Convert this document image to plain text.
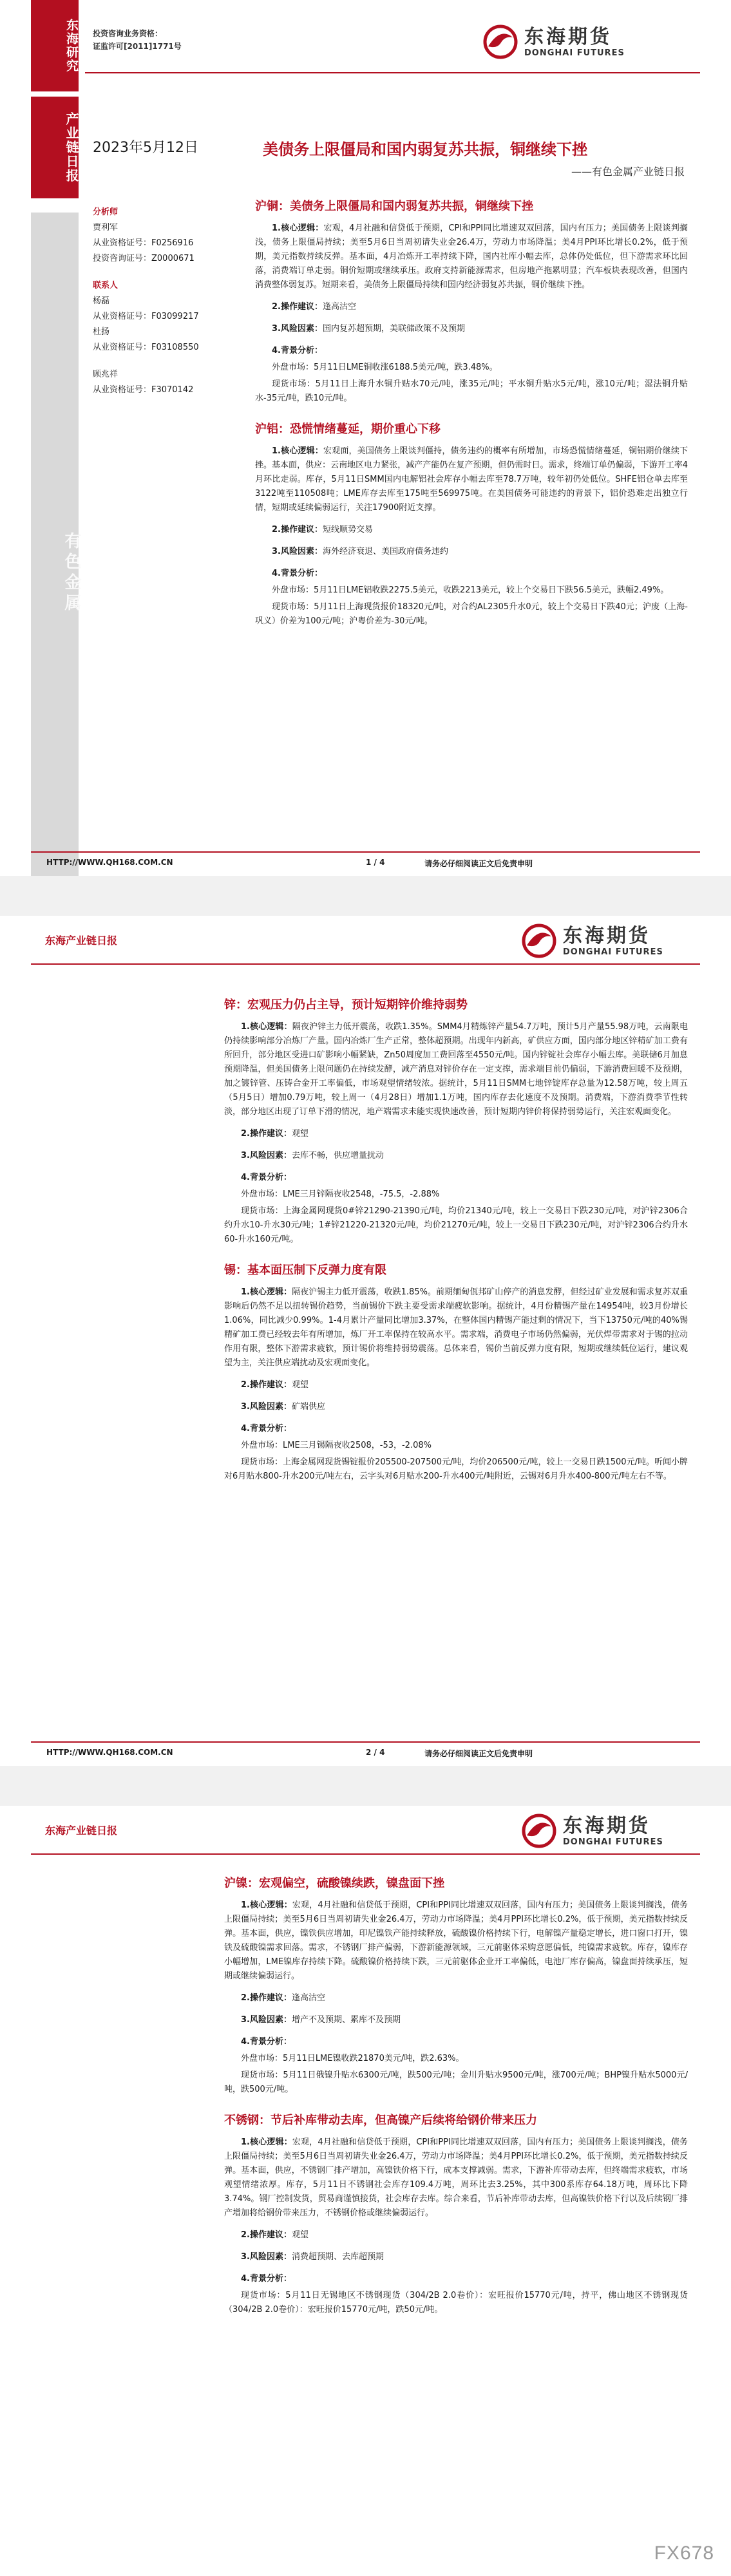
东海研究
产业链日报
有色金属
投资咨询业务资格：
证监许可[2011]1771号	东海期货
DONGHAI FUTURES
2023年5月12日	美债务上限僵局和国内弱复苏共振，铜继续下挫
——有色金属产业链日报
分析师
贾利军
从业资格证号：F0256916
投资咨询证号：Z0000671
联系人
杨磊
从业资格证号：F03099217
杜扬
从业资格证号：F03108550
顾兆祥
从业资格证号：F3070142
沪铜：美债务上限僵局和国内弱复苏共振，铜继续下挫
1.核心逻辑：宏观，4月社融和信贷低于预期，CPI和PPI同比增速双双回落，国内有压力；美国债务上限谈判搁浅，债务上限僵局持续；美至5月6日当周初请失业金26.4万，劳动力市场降温；美4月PPI环比增长0.2%，低于预期，美元指数持续反弹。基本面，4月冶炼开工率持续下降，国内社库小幅去库，总体仍处低位，但下游需求环比回落，消费端订单走弱。铜价短期或继续承压。政府支持新能源需求，但房地产拖累明显；汽车板块表现改善，但国内消费整体弱复苏。短期来看，美债务上限僵局持续和国内经济弱复苏共振，铜价继续下挫。
2.操作建议：逢高沽空
3.风险因素：国内复苏超预期，美联储政策不及预期
4.背景分析：
外盘市场：5月11日LME铜收涨6188.5美元/吨，跌3.48%。
现货市场：5月11日上海升水铜升贴水70元/吨，涨35元/吨；平水铜升贴水5元/吨，涨10元/吨；湿法铜升贴水-35元/吨，跌10元/吨。
沪铝：恐慌情绪蔓延，期价重心下移
1.核心逻辑：宏观面，美国债务上限谈判僵持，债务违约的概率有所增加，市场恐慌情绪蔓延，铜铝期价继续下挫。基本面，供应：云南地区电力紧张，减产产能仍在复产预期，但仍需时日。需求，终端订单仍偏弱，下游开工率4月环比走弱。库存，5月11日SMM国内电解铝社会库存小幅去库至78.7万吨，较年初仍处低位。SHFE铝仓单去库至3122吨至110508吨；LME库存去库至175吨至569975吨。在美国债务可能违约的背景下，铝价恐难走出独立行情，短期或延续偏弱运行，关注17900附近支撑。
2.操作建议：短线顺势交易
3.风险因素：海外经济衰退、美国政府债务违约
4.背景分析：
外盘市场：5月11日LME铝收跌2275.5美元，收跌2213美元，较上个交易日下跌56.5美元，跌幅2.49%。
现货市场：5月11日上海现货报价18320元/吨，对合约AL2305升水0元，较上个交易日下跌40元；沪废（上海-巩义）价差为100元/吨；沪粤价差为-30元/吨。
HTTP://WWW.QH168.COM.CN	1 / 4	请务必仔细阅读正文后免责申明
东海产业链日报	东海期货
DONGHAI FUTURES
锌：宏观压力仍占主导，预计短期锌价维持弱势
1.核心逻辑：隔夜沪锌主力低开震荡，收跌1.35%。SMM4月精炼锌产量54.7万吨，预计5月产量55.98万吨，云南限电仍持续影响部分冶炼厂产量。国内冶炼厂生产正常，整体超预期。出现年内新高，矿供应方面，国内部分地区锌精矿加工费有所回升，部分地区受进口矿影响小幅紧缺，Zn50周度加工费回落至4550元/吨。国内锌锭社会库存小幅去库。美联储6月加息预期降温，但美国债务上限问题仍在持续发酵，减产消息对锌价存在一定支撑，需求端目前仍偏弱，下游消费回暖不及预期，加之镀锌管、压铸合金开工率偏低，市场观望情绪较浓。据统计，5月11日SMM七地锌锭库存总量为12.58万吨，较上周五（5月5日）增加0.79万吨，较上周一（4月28日）增加1.1万吨，国内库存去化速度不及预期。消费端，下游消费季节性转淡，部分地区出现了订单下滑的情况，地产端需求未能实现快速改善，预计短期内锌价将保持弱势运行，关注宏观面变化。
2.操作建议：观望
3.风险因素：去库不畅，供应增量扰动
4.背景分析：
外盘市场：LME三月锌隔夜收2548，-75.5，-2.88%
现货市场：上海金属网现货0#锌21290-21390元/吨，均价21340元/吨，较上一交易日下跌230元/吨，对沪锌2306合约升水10-升水30元/吨；1#锌21220-21320元/吨，均价21270元/吨，较上一交易日下跌230元/吨，对沪锌2306合约升水60-升水160元/吨。
锡：基本面压制下反弹力度有限
1.核心逻辑：隔夜沪锡主力低开震荡，收跌1.85%。前期缅甸佤邦矿山停产的消息发酵，但经过矿业发展和需求复苏双重影响后仍然不足以扭转锡价趋势，当前锡价下跌主要受需求端疲软影响。据统计，4月份精锡产量在14954吨，较3月份增长1.06%，同比减少0.99%。1-4月累计产量同比增加3.37%，在整体国内精锡产能过剩的情况下，当下13750元/吨的40%锡精矿加工费已经较去年有所增加，炼厂开工率保持在较高水平。需求端，消费电子市场仍然偏弱，光伏焊带需求对于锡的拉动作用有限，整体下游需求疲软，预计锡价将维持弱势震荡。总体来看，锡价当前反弹力度有限，短期或继续低位运行，建议观望为主，关注供应端扰动及宏观面变化。
2.操作建议：观望
3.风险因素：矿端供应
4.背景分析：
外盘市场：LME三月锡隔夜收2508，-53，-2.08%
现货市场：上海金属网现货锡锭报价205500-207500元/吨，均价206500元/吨，较上一交易日跌1500元/吨。听闻小牌对6月贴水800-升水200元/吨左右，云字头对6月贴水200-升水400元/吨附近，云锡对6月升水400-800元/吨左右不等。
HTTP://WWW.QH168.COM.CN	2 / 4	请务必仔细阅读正文后免责申明
东海产业链日报	东海期货
DONGHAI FUTURES
沪镍：宏观偏空，硫酸镍续跌，镍盘面下挫
1.核心逻辑：宏观，4月社融和信贷低于预期，CPI和PPI同比增速双双回落，国内有压力；美国债务上限谈判搁浅，债务上限僵局持续；美至5月6日当周初请失业金26.4万，劳动力市场降温；美4月PPI环比增长0.2%，低于预期，美元指数持续反弹。基本面，供应，镍铁供应增加，印尼镍铁产能持续释放，硫酸镍价格持续下行，电解镍产量稳定增长，进口窗口打开，镍铁及硫酸镍需求回落。需求，不锈钢厂排产偏弱，下游新能源领域，三元前驱体采购意愿偏低，纯镍需求疲软。库存，镍库存小幅增加，LME镍库存持续下降。硫酸镍价格持续下跌，三元前驱体企业开工率偏低，电池厂库存偏高，镍盘面持续承压，短期或继续偏弱运行。
2.操作建议：逢高沽空
3.风险因素：增产不及预期、累库不及预期
4.背景分析：
外盘市场：5月11日LME镍收跌21870美元/吨，跌2.63%。
现货市场：5月11日俄镍升贴水6300元/吨，跌500元/吨；金川升贴水9500元/吨，涨700元/吨；BHP镍升贴水5000元/吨，跌500元/吨。
不锈钢：节后补库带动去库，但高镍产后续将给钢价带来压力
1.核心逻辑：宏观，4月社融和信贷低于预期，CPI和PPI同比增速双双回落，国内有压力；美国债务上限谈判搁浅，债务上限僵局持续；美至5月6日当周初请失业金26.4万，劳动力市场降温；美4月PPI环比增长0.2%，低于预期，美元指数持续反弹。基本面，供应，不锈钢厂排产增加，高镍铁价格下行，成本支撑减弱。需求，下游补库带动去库，但终端需求疲软，市场观望情绪浓厚。库存，5月11日不锈钢社会库存109.4万吨，周环比去3.25%，其中300系库存64.18万吨，周环比下降3.74%。钢厂控制发货，贸易商谨慎接货，社会库存去库。综合来看，节后补库带动去库，但高镍铁价格下行以及后续钢厂排产增加将给钢价带来压力，不锈钢价格或继续偏弱运行。
2.操作建议：观望
3.风险因素：消费超预期、去库超预期
4.背景分析：
现货市场：5月11日无锡地区不锈钢现货（304/2B 2.0卷价）：宏旺报价15770元/吨，持平，佛山地区不锈钢现货（304/2B 2.0卷价）：宏旺报价15770元/吨，跌50元/吨。
FX678
